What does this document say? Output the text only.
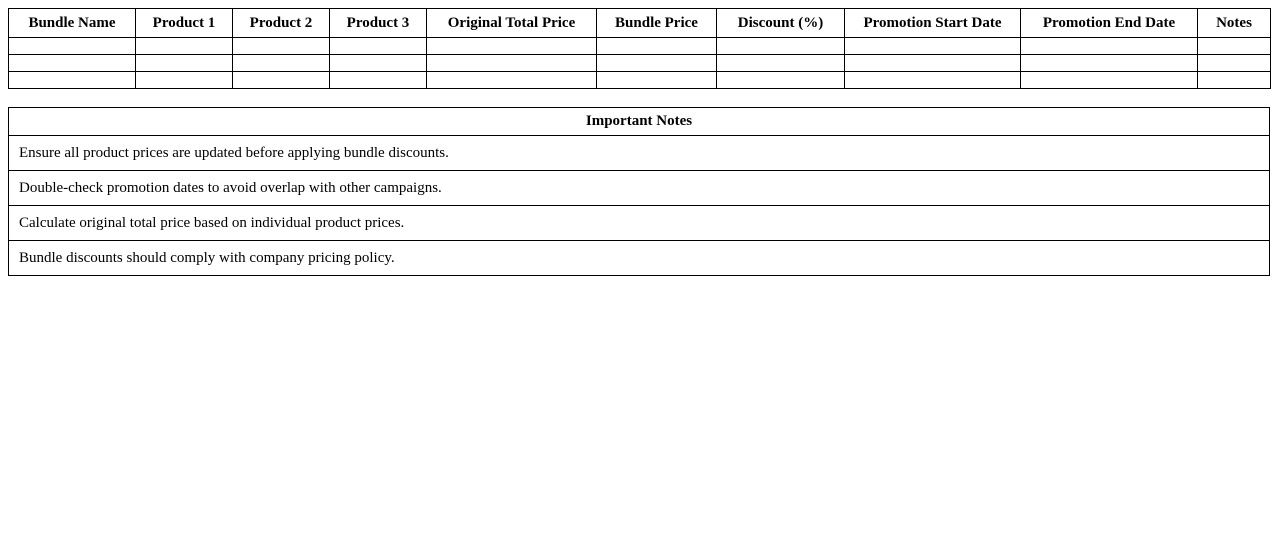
Bundle Name	Product 1	Product 2	Product 3	Original Total Price	Bundle Price	Discount (%)	Promotion Start Date	Promotion End Date	Notes

Important Notes
Ensure all product prices are updated before applying bundle discounts.
Double-check promotion dates to avoid overlap with other campaigns.
Calculate original total price based on individual product prices.
Bundle discounts should comply with company pricing policy.
